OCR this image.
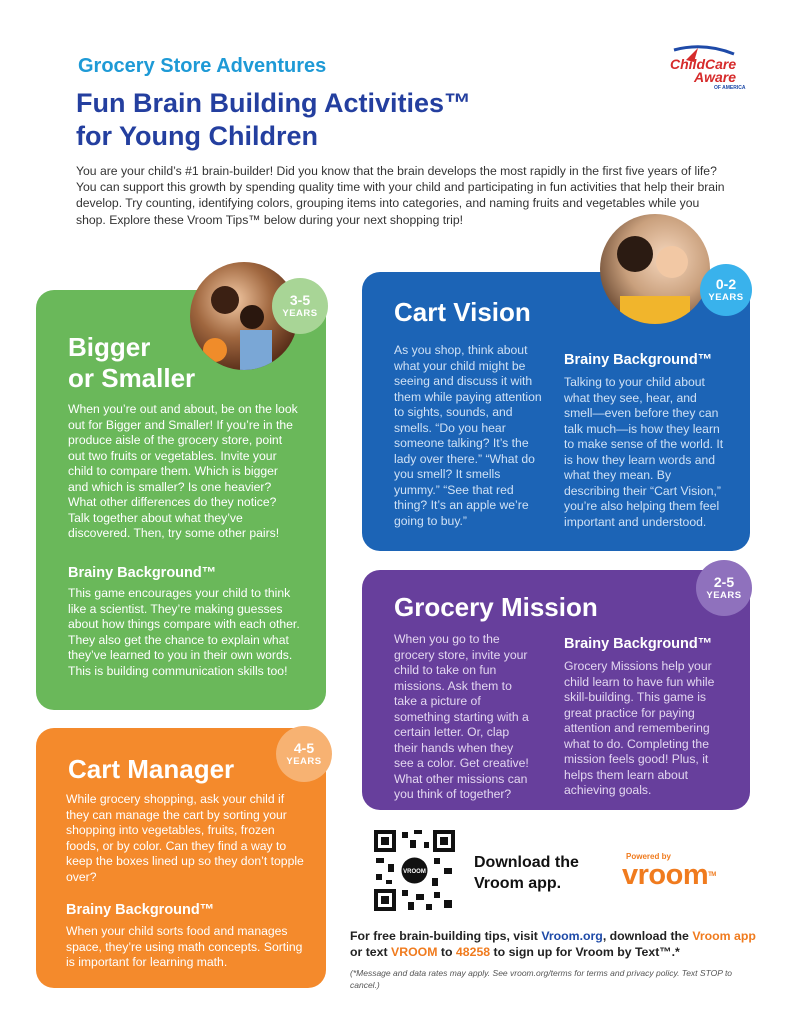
Grocery Store Adventures
Fun Brain Building Activities™
for Young Children
ChildCare
Aware
OF AMERICA
You are your child’s #1 brain-builder! Did you know that the brain develops the most rapidly in the first five years of life? You can support this growth by spending quality time with your child and participating in fun activities that help their brain develop. Try counting, identifying colors, grouping items into categories, and naming fruits and vegetables while you shop. Explore these Vroom Tips™ below during your next shopping trip!
Bigger
or Smaller
When you’re out and about, be on the look out for Bigger and Smaller! If you’re in the produce aisle of the grocery store, point out two fruits or vegetables. Invite your child to compare them. Which is bigger and which is smaller? Is one heavier? What other differences do they notice? Talk together about what they’ve discovered. Then, try some other pairs!
Brainy Background™
This game encourages your child to think like a scientist. They’re making guesses about how things compare with each other. They also get the chance to explain what they’ve learned to you in their own words. This is building communication skills too!
3-5
YEARS	Cart Vision
As you shop, think about what your child might be seeing and discuss it with them while paying attention to sights, sounds, and smells. “Do you hear someone talking? It’s the lady over there.” “What do you smell? It smells yummy.” “See that red thing? It’s an apple we’re going to buy.”
Brainy Background™
Talking to your child about what they see, hear, and smell—even before they can talk much—is how they learn to make sense of the world. It is how they learn words and what they mean. By describing their “Cart Vision,” you’re also helping them feel important and understood.
0-2
YEARS
Grocery Mission
When you go to the grocery store, invite your child to take on fun missions. Ask them to take a picture of something starting with a certain letter. Or, clap their hands when they see a color. Get creative! What other missions can you think of together?
Brainy Background™
Grocery Missions help your child learn to have fun while skill-building. This game is great practice for paying attention and remembering what to do. Completing the mission feels good! Plus, it helps them learn about achieving goals.
2-5
YEARS
Cart Manager
While grocery shopping, ask your child if they can manage the cart by sorting your shopping into vegetables, fruits, frozen foods, or by color. Can they find a way to keep the boxes lined up so they don’t topple over?
Brainy Background™
When your child sorts food and manages space, they’re using math concepts. Sorting is important for learning math.
4-5
YEARS
VROOM
Download the
Vroom app.
Powered by
vroom™
For free brain-building tips, visit Vroom.org, download the Vroom app or text VROOM to 48258 to sign up for Vroom by Text™.*
(*Message and data rates may apply. See vroom.org/terms for terms and privacy policy. Text STOP to cancel.)
